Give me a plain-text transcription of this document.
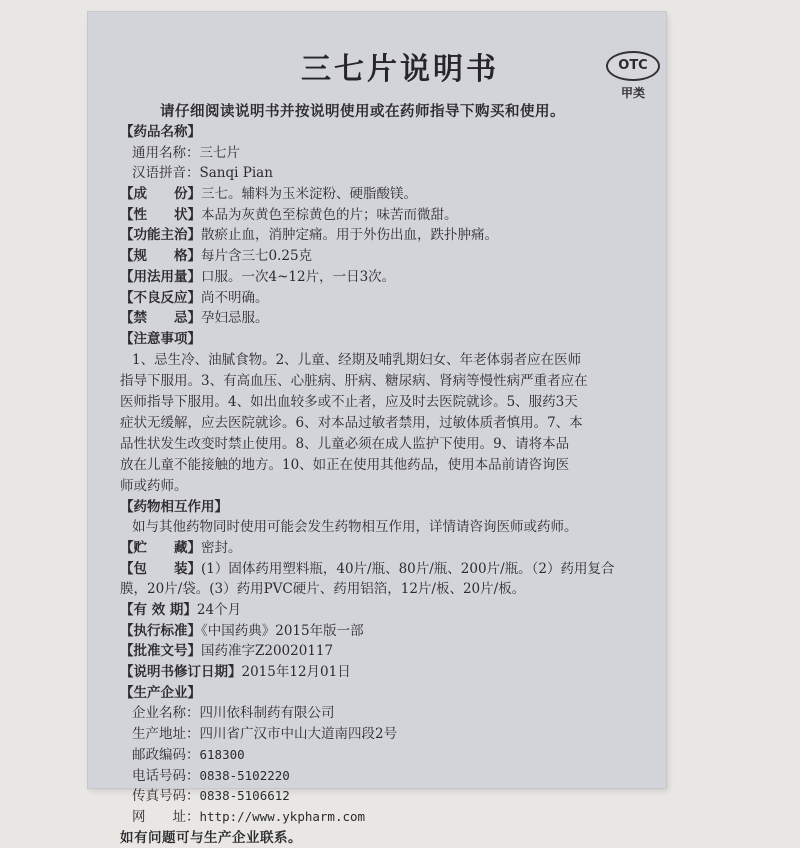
三七片说明书	OTC
甲类
请仔细阅读说明书并按说明使用或在药师指导下购买和使用。
【药品名称】
通用名称：三七片
汉语拼音：Sanqi Pian
【成　　份】三七。辅料为玉米淀粉、硬脂酸镁。
【性　　状】本品为灰黄色至棕黄色的片；味苦而微甜。
【功能主治】散瘀止血，消肿定痛。用于外伤出血，跌扑肿痛。
【规　　格】每片含三七0.25克
【用法用量】口服。一次4~12片，一日3次。
【不良反应】尚不明确。
【禁　　忌】孕妇忌服。
【注意事项】
1、忌生冷、油腻食物。2、儿童、经期及哺乳期妇女、年老体弱者应在医师
指导下服用。3、有高血压、心脏病、肝病、糖尿病、肾病等慢性病严重者应在
医师指导下服用。4、如出血较多或不止者，应及时去医院就诊。5、服药3天
症状无缓解，应去医院就诊。6、对本品过敏者禁用，过敏体质者慎用。7、本
品性状发生改变时禁止使用。8、儿童必须在成人监护下使用。9、请将本品
放在儿童不能接触的地方。10、如正在使用其他药品，使用本品前请咨询医
师或药师。
【药物相互作用】
如与其他药物同时使用可能会发生药物相互作用，详情请咨询医师或药师。
【贮　　藏】密封。
【包　　装】(1）固体药用塑料瓶，40片/瓶、80片/瓶、200片/瓶。（2）药用复合
膜，20片/袋。(3）药用PVC硬片、药用铝箔，12片/板、20片/板。
【有 效 期】24个月
【执行标准】《中国药典》2015年版一部
【批准文号】国药准字Z20020117
【说明书修订日期】2015年12月01日
【生产企业】
企业名称：四川依科制药有限公司
生产地址：四川省广汉市中山大道南四段2号
邮政编码：618300
电话号码：0838-5102220
传真号码：0838-5106612
网　　址：http://www.ykpharm.com
如有问题可与生产企业联系。
